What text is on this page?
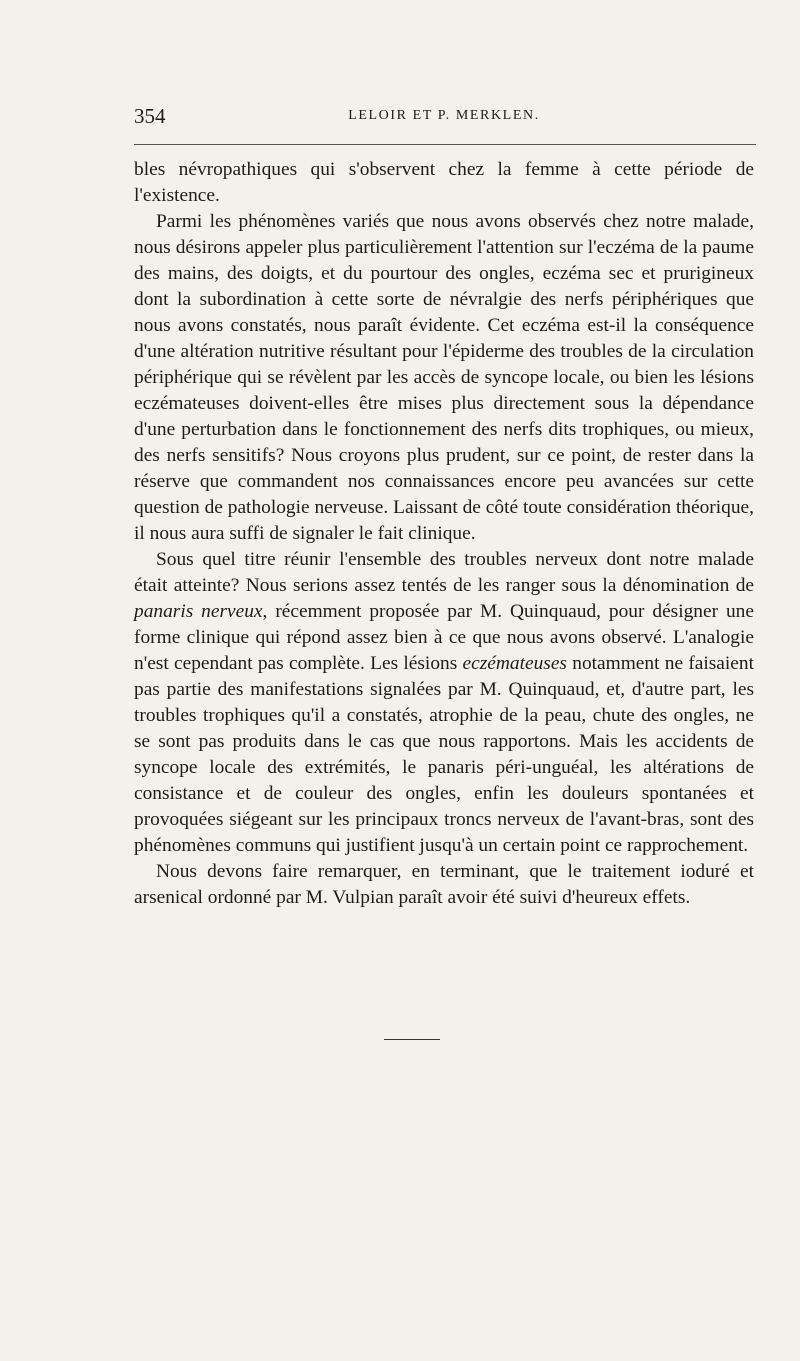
354	LELOIR ET P. MERKLEN.

bles névropathiques qui s'observent chez la femme à cette période de l'existence.

Parmi les phénomènes variés que nous avons observés chez notre malade, nous désirons appeler plus particulièrement l'attention sur l'eczéma de la paume des mains, des doigts, et du pourtour des ongles, eczéma sec et prurigineux dont la subordination à cette sorte de névralgie des nerfs périphériques que nous avons constatés, nous paraît évidente. Cet eczéma est-il la conséquence d'une altération nutritive résultant pour l'épiderme des troubles de la circulation périphérique qui se révèlent par les accès de syncope locale, ou bien les lésions eczémateuses doivent-elles être mises plus directement sous la dépendance d'une perturbation dans le fonctionnement des nerfs dits trophiques, ou mieux, des nerfs sensitifs? Nous croyons plus prudent, sur ce point, de rester dans la réserve que commandent nos connaissances encore peu avancées sur cette question de pathologie nerveuse. Laissant de côté toute considération théorique, il nous aura suffi de signaler le fait clinique.

Sous quel titre réunir l'ensemble des troubles nerveux dont notre malade était atteinte? Nous serions assez tentés de les ranger sous la dénomination de panaris nerveux, récemment proposée par M. Quinquaud, pour désigner une forme clinique qui répond assez bien à ce que nous avons observé. L'analogie n'est cependant pas complète. Les lésions eczémateuses notamment ne faisaient pas partie des manifestations signalées par M. Quinquaud, et, d'autre part, les troubles trophiques qu'il a constatés, atrophie de la peau, chute des ongles, ne se sont pas produits dans le cas que nous rapportons. Mais les accidents de syncope locale des extrémités, le panaris péri-unguéal, les altérations de consistance et de couleur des ongles, enfin les douleurs spontanées et provoquées siégeant sur les principaux troncs nerveux de l'avant-bras, sont des phénomènes communs qui justifient jusqu'à un certain point ce rapprochement.

Nous devons faire remarquer, en terminant, que le traitement ioduré et arsenical ordonné par M. Vulpian paraît avoir été suivi d'heureux effets.
